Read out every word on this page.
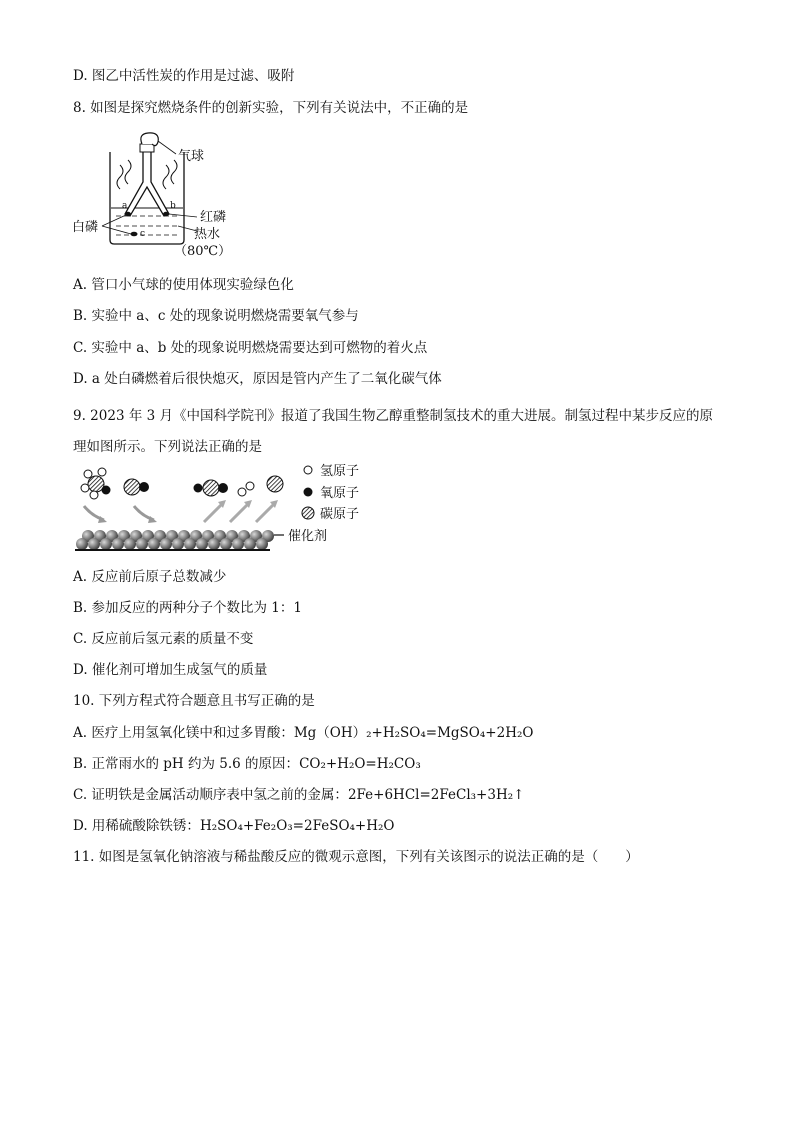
D. 图乙中活性炭的作用是过滤、吸附
8. 如图是探究燃烧条件的创新实验，下列有关说法中，不正确的是
a	b
c
气球
红磷
白磷	热水
（80℃）
A. 管口小气球的使用体现实验绿色化
B. 实验中 a、c 处的现象说明燃烧需要氧气参与
C. 实验中 a、b 处的现象说明燃烧需要达到可燃物的着火点
D. a 处白磷燃着后很快熄灭，原因是管内产生了二氧化碳气体
9. 2023 年 3 月《中国科学院刊》报道了我国生物乙醇重整制氢技术的重大进展。制氢过程中某步反应的原理如图所示。下列说法正确的是
氢原子
氧原子
碳原子
催化剂
A. 反应前后原子总数减少
B. 参加反应的两种分子个数比为 1：1
C. 反应前后氢元素的质量不变
D. 催化剂可增加生成氢气的质量
10. 下列方程式符合题意且书写正确的是
A. 医疗上用氢氧化镁中和过多胃酸：Mg（OH）₂+H₂SO₄=MgSO₄+2H₂O
B. 正常雨水的 pH 约为 5.6 的原因：CO₂+H₂O=H₂CO₃
C. 证明铁是金属活动顺序表中氢之前的金属：2Fe+6HCl=2FeCl₃+3H₂↑
D. 用稀硫酸除铁锈：H₂SO₄+Fe₂O₃=2FeSO₄+H₂O
11. 如图是氢氧化钠溶液与稀盐酸反应的微观示意图，下列有关该图示的说法正确的是（　　）
